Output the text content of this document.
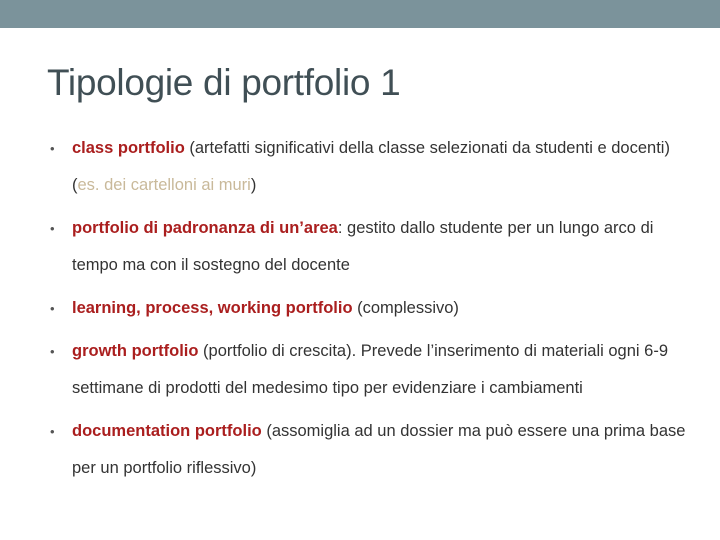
Tipologie di portfolio 1
• class portfolio (artefatti significativi della classe selezionati da studenti e docenti) (es. dei cartelloni ai muri)
• portfolio di padronanza di un’area: gestito dallo studente per un lungo arco di tempo ma con il sostegno del docente
• learning, process, working portfolio (complessivo)
• growth portfolio (portfolio di crescita). Prevede l’inserimento di materiali ogni 6-9 settimane di prodotti del medesimo tipo per evidenziare i cambiamenti
• documentation portfolio (assomiglia ad un dossier ma può essere una prima base per un portfolio riflessivo)
